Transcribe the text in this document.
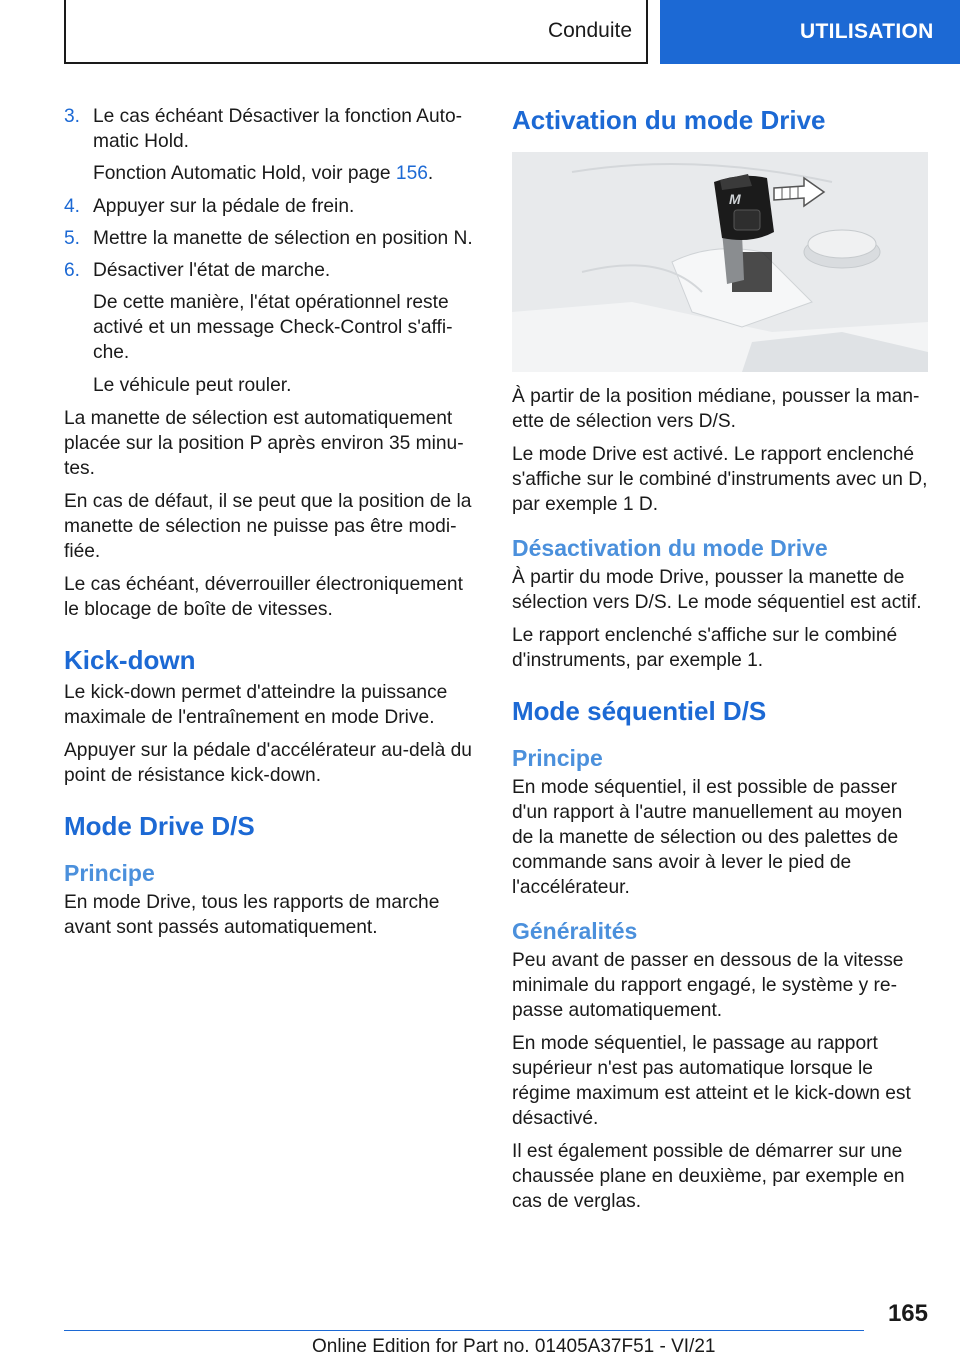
Conduite	UTILISATION
3. Le cas échéant Désactiver la fonction Automatic Hold.

Fonction Automatic Hold, voir page 156.

4. Appuyer sur la pédale de frein.
5. Mettre la manette de sélection en position N.
6. Désactiver l'état de marche.

De cette manière, l'état opérationnel reste activé et un message Check-Control s'affiche.

Le véhicule peut rouler.

La manette de sélection est automatiquement placée sur la position P après environ 35 minutes.

En cas de défaut, il se peut que la position de la manette de sélection ne puisse pas être modifiée.

Le cas échéant, déverrouiller électroniquement le blocage de boîte de vitesses.

Kick-down

Le kick-down permet d'atteindre la puissance maximale de l'entraînement en mode Drive.

Appuyer sur la pédale d'accélérateur au-delà du point de résistance kick-down.

Mode Drive D/S
Principe

En mode Drive, tous les rapports de marche avant sont passés automatiquement.

Activation du mode Drive
M

À partir de la position médiane, pousser la manette de sélection vers D/S.

Le mode Drive est activé. Le rapport enclenché s'affiche sur le combiné d'instruments avec un D, par exemple 1 D.

Désactivation du mode Drive

À partir du mode Drive, pousser la manette de sélection vers D/S. Le mode séquentiel est actif.

Le rapport enclenché s'affiche sur le combiné d'instruments, par exemple 1.

Mode séquentiel D/S
Principe

En mode séquentiel, il est possible de passer d'un rapport à l'autre manuellement au moyen de la manette de sélection ou des palettes de commande sans avoir à lever le pied de l'accélérateur.

Généralités

Peu avant de passer en dessous de la vitesse minimale du rapport engagé, le système y repasse automatiquement.

En mode séquentiel, le passage au rapport supérieur n'est pas automatique lorsque le régime maximum est atteint et le kick-down est désactivé.

Il est également possible de démarrer sur une chaussée plane en deuxième, par exemple en cas de verglas.

165
Online Edition for Part no. 01405A37F51 - VI/21
